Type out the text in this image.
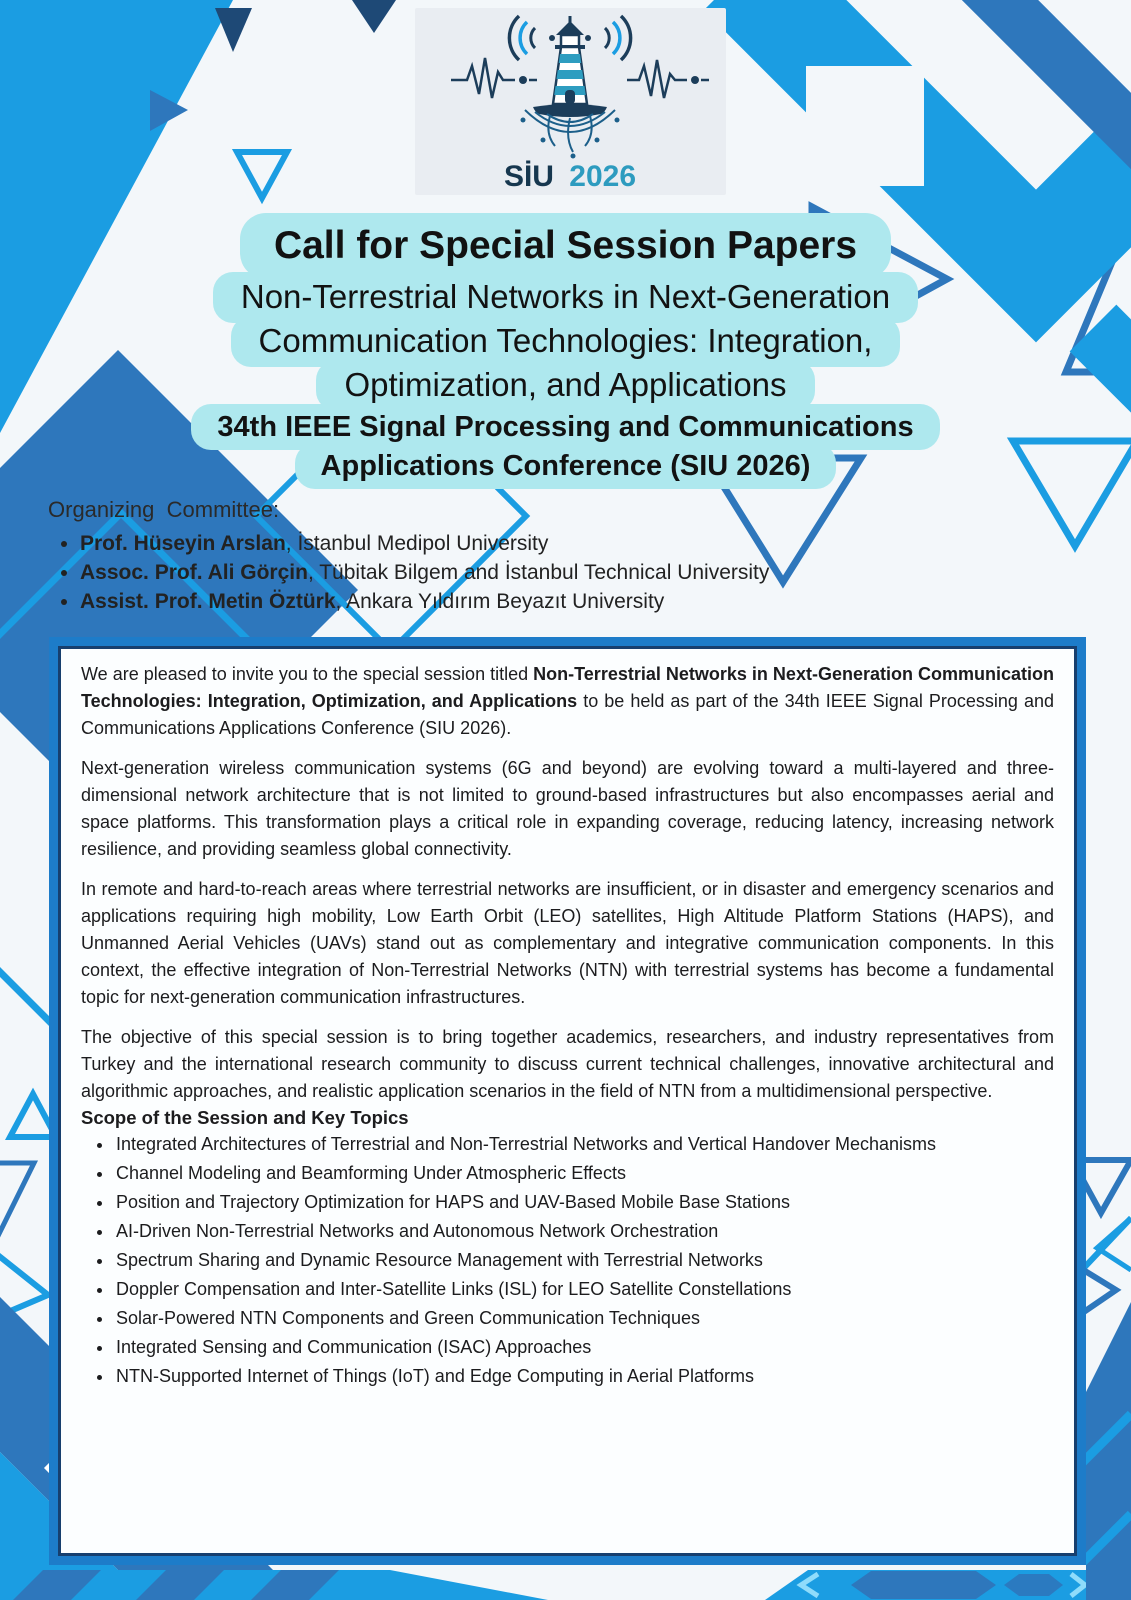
SİU 2026
Call for Special Session Papers
Non-Terrestrial Networks in Next-Generation
Communication Technologies: Integration,
Optimization, and Applications
34th IEEE Signal Processing and Communications
Applications Conference (SIU 2026)
Organizing  Committee:
• Prof. Hüseyin Arslan, İstanbul Medipol University
• Assoc. Prof. Ali Görçin, Tübitak Bilgem and İstanbul Technical University
• Assist. Prof. Metin Öztürk, Ankara Yıldırım Beyazıt University

We are pleased to invite you to the special session titled Non-Terrestrial Networks in Next-Generation Communication Technologies: Integration, Optimization, and Applications to be held as part of the 34th IEEE Signal Processing and Communications Applications Conference (SIU 2026).

Next-generation wireless communication systems (6G and beyond) are evolving toward a multi-layered and three-dimensional network architecture that is not limited to ground-based infrastructures but also encompasses aerial and space platforms. This transformation plays a critical role in expanding coverage, reducing latency, increasing network resilience, and providing seamless global connectivity.

In remote and hard-to-reach areas where terrestrial networks are insufficient, or in disaster and emergency scenarios and applications requiring high mobility, Low Earth Orbit (LEO) satellites, High Altitude Platform Stations (HAPS), and Unmanned Aerial Vehicles (UAVs) stand out as complementary and integrative communication components. In this context, the effective integration of Non-Terrestrial Networks (NTN) with terrestrial systems has become a fundamental topic for next-generation communication infrastructures.

The objective of this special session is to bring together academics, researchers, and industry representatives from Turkey and the international research community to discuss current technical challenges, innovative architectural and algorithmic approaches, and realistic application scenarios in the field of NTN from a multidimensional perspective.

Scope of the Session and Key Topics
• Integrated Architectures of Terrestrial and Non-Terrestrial Networks and Vertical Handover Mechanisms
• Channel Modeling and Beamforming Under Atmospheric Effects
• Position and Trajectory Optimization for HAPS and UAV-Based Mobile Base Stations
• AI-Driven Non-Terrestrial Networks and Autonomous Network Orchestration
• Spectrum Sharing and Dynamic Resource Management with Terrestrial Networks
• Doppler Compensation and Inter-Satellite Links (ISL) for LEO Satellite Constellations
• Solar-Powered NTN Components and Green Communication Techniques
• Integrated Sensing and Communication (ISAC) Approaches
• NTN-Supported Internet of Things (IoT) and Edge Computing in Aerial Platforms
